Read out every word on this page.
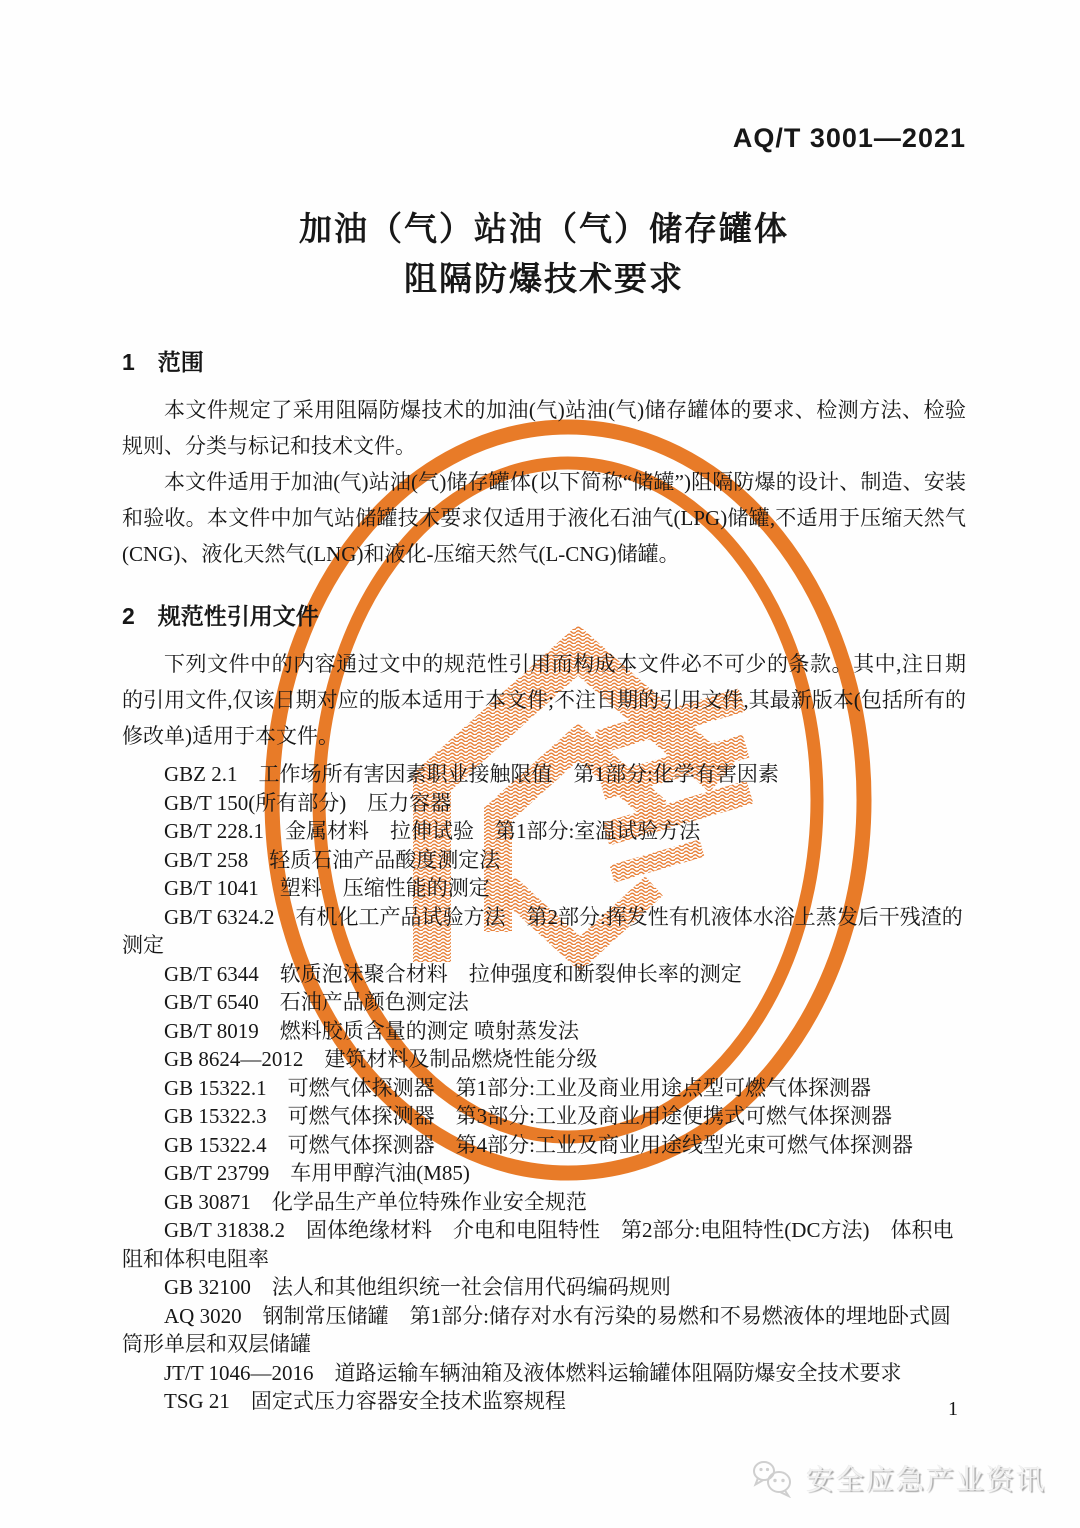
AQ/T 3001—2021
加油（气）站油（气）储存罐体
阻隔防爆技术要求
1　范围

本文件规定了采用阻隔防爆技术的加油(气)站油(气)储存罐体的要求、检测方法、检验规则、分类与标记和技术文件。

本文件适用于加油(气)站油(气)储存罐体(以下简称“储罐”)阻隔防爆的设计、制造、安装和验收。本文件中加气站储罐技术要求仅适用于液化石油气(LPG)储罐,不适用于压缩天然气(CNG)、液化天然气(LNG)和液化-压缩天然气(L-CNG)储罐。

2　规范性引用文件

下列文件中的内容通过文中的规范性引用而构成本文件必不可少的条款。其中,注日期的引用文件,仅该日期对应的版本适用于本文件;不注日期的引用文件,其最新版本(包括所有的修改单)适用于本文件。

GBZ 2.1　工作场所有害因素职业接触限值　第1部分:化学有害因素

GB/T 150(所有部分)　压力容器

GB/T 228.1　金属材料　拉伸试验　第1部分:室温试验方法

GB/T 258　轻质石油产品酸度测定法

GB/T 1041　塑料　压缩性能的测定

GB/T 6324.2　有机化工产品试验方法　第2部分:挥发性有机液体水浴上蒸发后干残渣的测定

GB/T 6344　软质泡沫聚合材料　拉伸强度和断裂伸长率的测定

GB/T 6540　石油产品颜色测定法

GB/T 8019　燃料胶质含量的测定 喷射蒸发法

GB 8624—2012　建筑材料及制品燃烧性能分级

GB 15322.1　可燃气体探测器　第1部分:工业及商业用途点型可燃气体探测器

GB 15322.3　可燃气体探测器　第3部分:工业及商业用途便携式可燃气体探测器

GB 15322.4　可燃气体探测器　第4部分:工业及商业用途线型光束可燃气体探测器

GB/T 23799　车用甲醇汽油(M85)

GB 30871　化学品生产单位特殊作业安全规范

GB/T 31838.2　固体绝缘材料　介电和电阻特性　第2部分:电阻特性(DC方法)　体积电阻和体积电阻率

GB 32100　法人和其他组织统一社会信用代码编码规则

AQ 3020　钢制常压储罐　第1部分:储存对水有污染的易燃和不易燃液体的埋地卧式圆筒形单层和双层储罐

JT/T 1046—2016　道路运输车辆油箱及液体燃料运输罐体阻隔防爆安全技术要求

TSG 21　固定式压力容器安全技术监察规程	1
安全应急产业资讯
